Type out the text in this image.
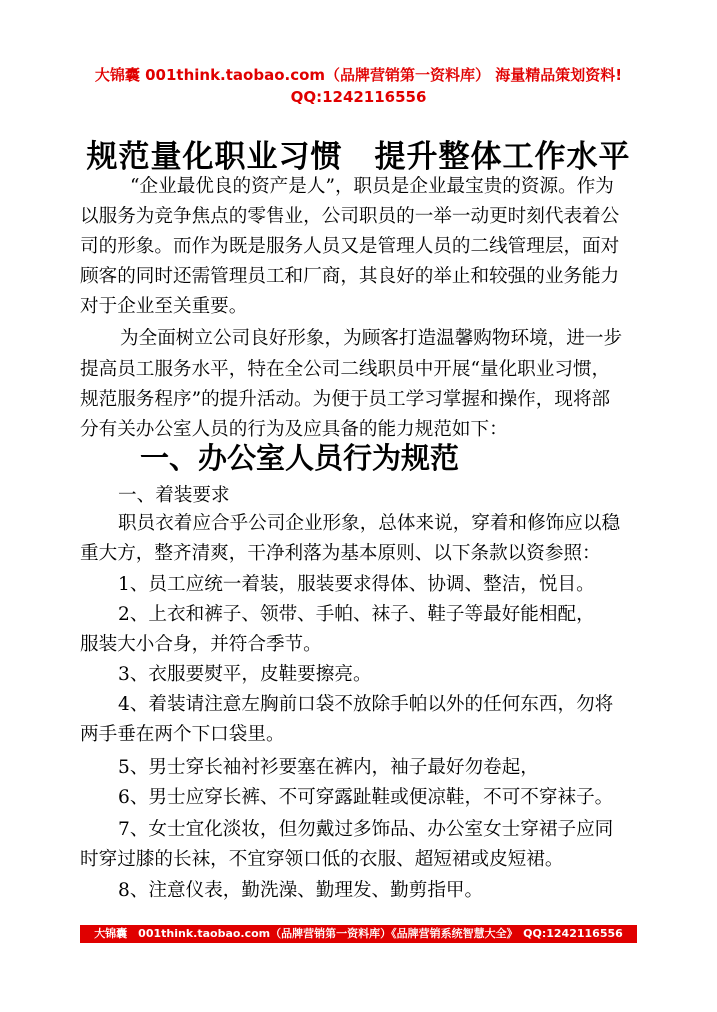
大锦囊 001think.taobao.com（品牌营销第一资料库） 海量精品策划资料!
QQ:1242116556
规范量化职业习惯　提升整体工作水平
“企业最优良的资产是人”，职员是企业最宝贵的资源。作为
以服务为竞争焦点的零售业，公司职员的一举一动更时刻代表着公
司的形象。而作为既是服务人员又是管理人员的二线管理层，面对
顾客的同时还需管理员工和厂商，其良好的举止和较强的业务能力
对于企业至关重要。
为全面树立公司良好形象，为顾客打造温馨购物环境，进一步
提高员工服务水平，特在全公司二线职员中开展“量化职业习惯，
规范服务程序”的提升活动。为便于员工学习掌握和操作，现将部
分有关办公室人员的行为及应具备的能力规范如下：
一、办公室人员行为规范
一、着装要求
职员衣着应合乎公司企业形象，总体来说，穿着和修饰应以稳
重大方，整齐清爽，干净利落为基本原则、以下条款以资参照：
1、员工应统一着装，服装要求得体、协调、整洁，悦目。
2、上衣和裤子、领带、手帕、袜子、鞋子等最好能相配，
服装大小合身，并符合季节。
3、衣服要熨平，皮鞋要擦亮。
4、着装请注意左胸前口袋不放除手帕以外的任何东西，勿将
两手垂在两个下口袋里。
5、男士穿长袖衬衫要塞在裤内，袖子最好勿卷起，
6、男士应穿长裤、不可穿露趾鞋或便凉鞋，不可不穿袜子。
7、女士宜化淡妆，但勿戴过多饰品、办公室女士穿裙子应同
时穿过膝的长袜，不宜穿领口低的衣服、超短裙或皮短裙。
8、注意仪表，勤洗澡、勤理发、勤剪指甲。
大锦囊　001think.taobao.com（品牌营销第一资料库）《品牌营销系统智慧大全》　QQ:1242116556
